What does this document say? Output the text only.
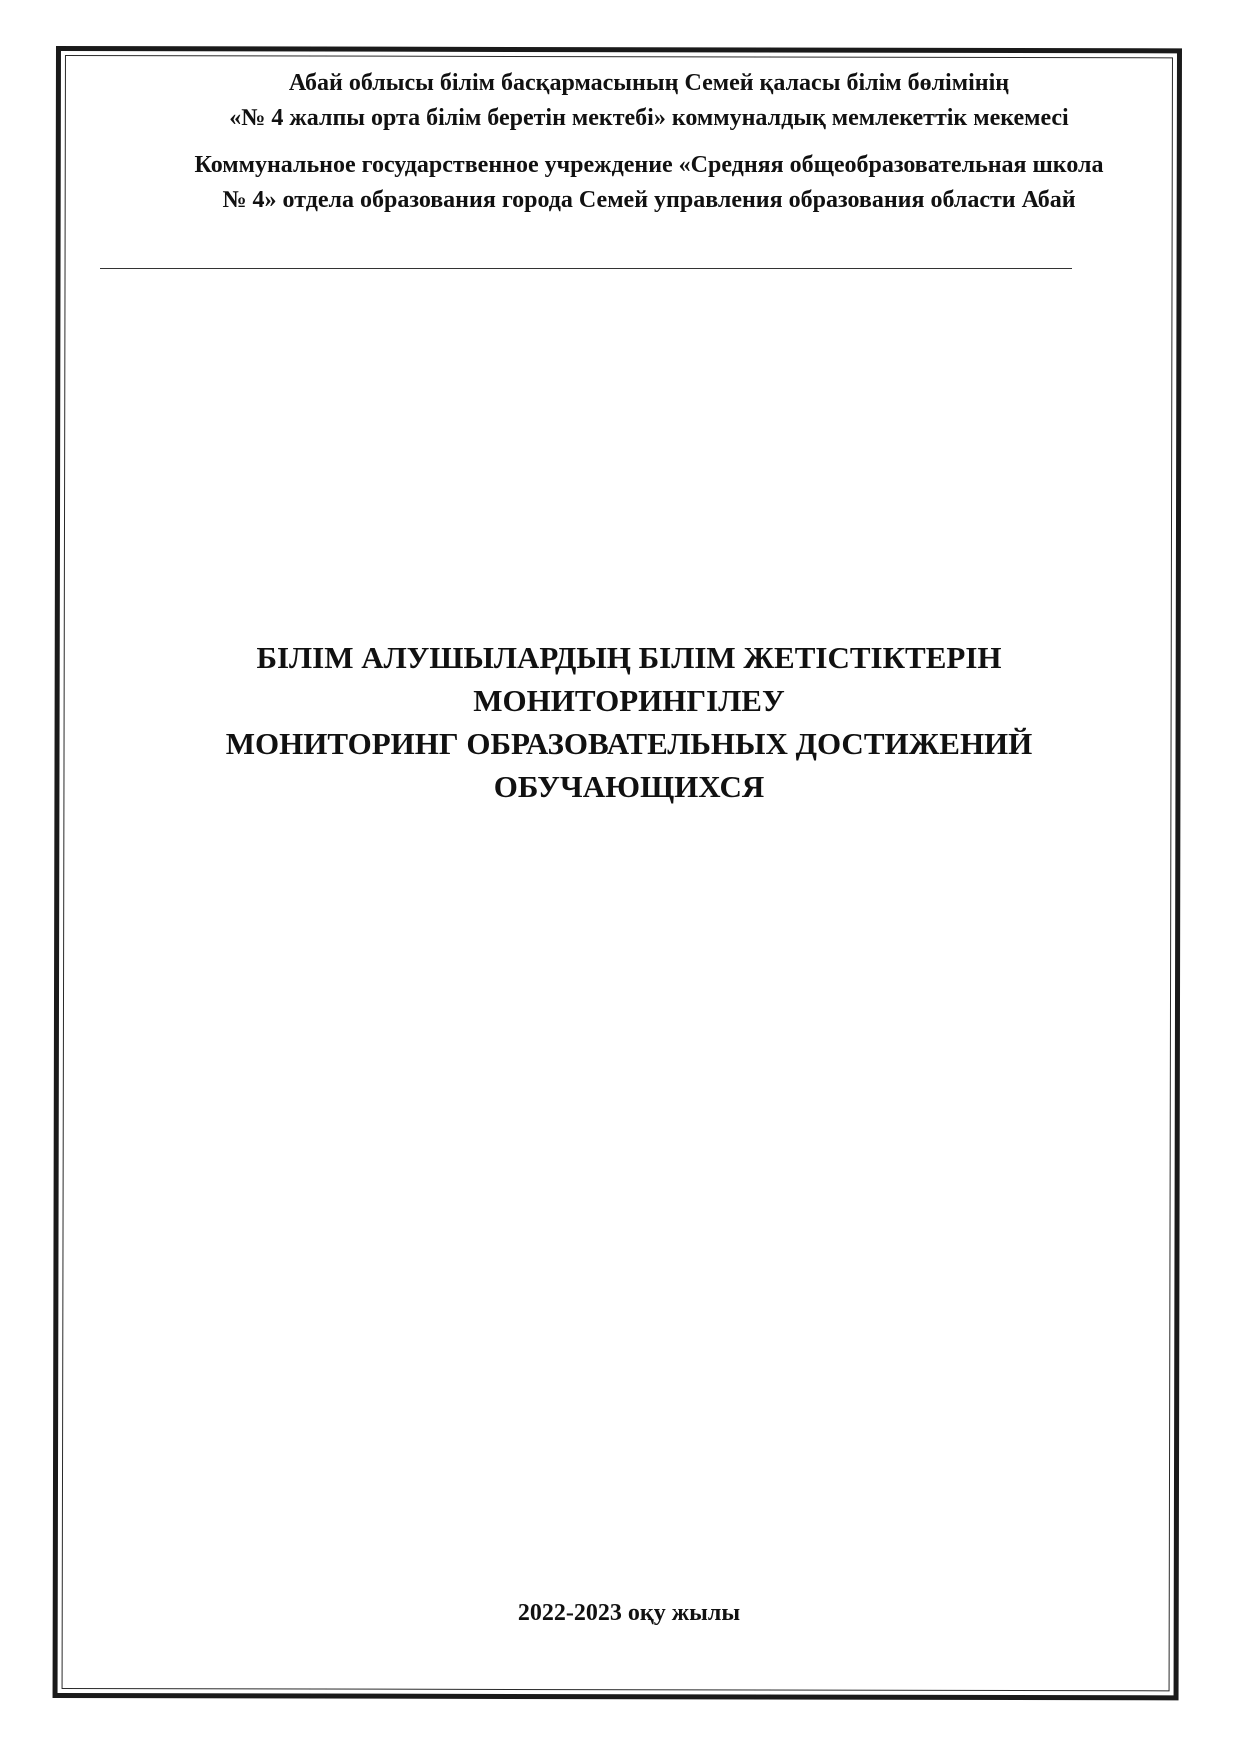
Абай облысы білім басқармасының Семей қаласы білім бөлімінің
«№ 4 жалпы орта білім беретін мектебі» коммуналдық мемлекеттік мекемесі
Коммунальное государственное учреждение «Средняя общеобразовательная школа
№ 4» отдела образования города Семей управления образования области Абай
БІЛІМ АЛУШЫЛАРДЫҢ БІЛІМ ЖЕТІСТІКТЕРІН
МОНИТОРИНГІЛЕУ
МОНИТОРИНГ ОБРАЗОВАТЕЛЬНЫХ ДОСТИЖЕНИЙ
ОБУЧАЮЩИХСЯ
2022-2023 оқу жылы
